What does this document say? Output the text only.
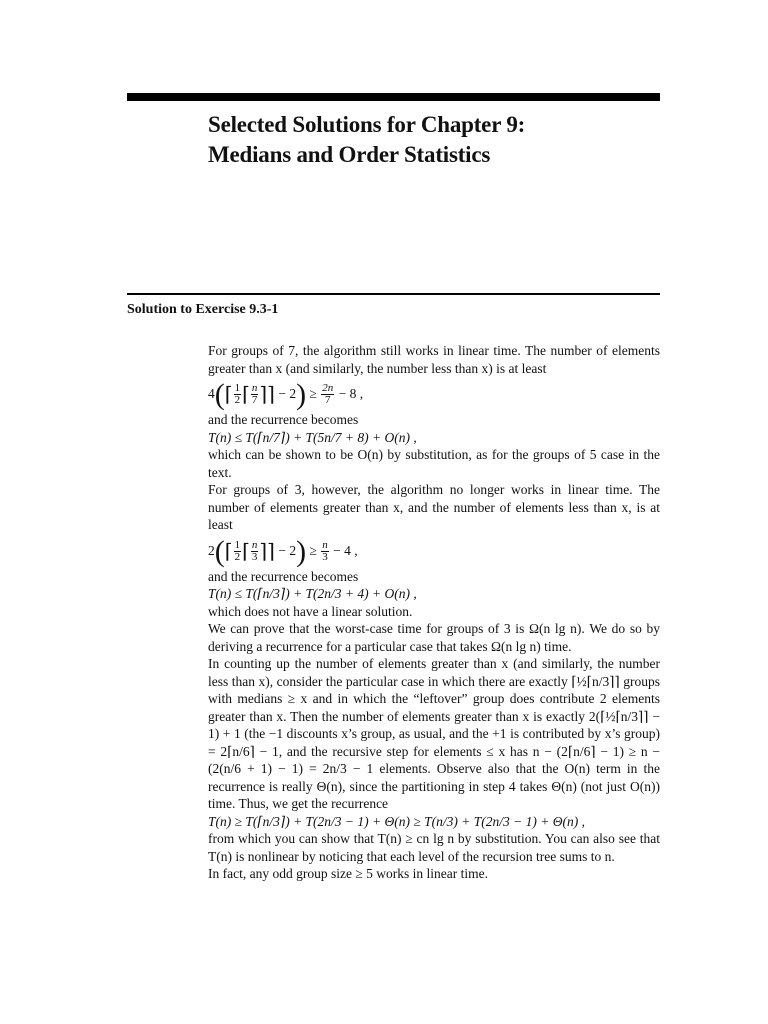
Selected Solutions for Chapter 9:
Medians and Order Statistics
Solution to Exercise 9.3-1

For groups of 7, the algorithm still works in linear time. The number of elements greater than x (and similarly, the number less than x) is at least

4(⌈ $\frac{1}{2}$ ⌈ $\frac{n}{7}$ ⌉⌉ − $2) \ge \frac{2n}{7} - 8$ ,

and the recurrence becomes

T(n) ≤ T(⌈n/7⌉) + T(5n/7 + 8) + O(n) ,

which can be shown to be O(n) by substitution, as for the groups of 5 case in the text.

For groups of 3, however, the algorithm no longer works in linear time. The number of elements greater than x, and the number of elements less than x, is at least

2(⌈ $\frac{1}{2}$ ⌈ $\frac{n}{3}$ ⌉⌉ − $2) \ge \frac{n}{3} - 4$ ,

and the recurrence becomes

T(n) ≤ T(⌈n/3⌉) + T(2n/3 + 4) + O(n) ,

which does not have a linear solution.

We can prove that the worst-case time for groups of 3 is Ω(n lg n). We do so by deriving a recurrence for a particular case that takes Ω(n lg n) time.

In counting up the number of elements greater than x (and similarly, the number less than x), consider the particular case in which there are exactly ⌈½⌈n/3⌉⌉ groups with medians ≥ x and in which the “leftover” group does contribute 2 elements greater than x. Then the number of elements greater than x is exactly 2(⌈½⌈n/3⌉⌉ − 1) + 1 (the −1 discounts x’s group, as usual, and the +1 is contributed by x’s group) = 2⌈n/6⌉ − 1, and the recursive step for elements ≤ x has n − (2⌈n/6⌉ − 1) ≥ n − (2(n/6 + 1) − 1) = 2n/3 − 1 elements. Observe also that the O(n) term in the recurrence is really Θ(n), since the partitioning in step 4 takes Θ(n) (not just O(n)) time. Thus, we get the recurrence

T(n) ≥ T(⌈n/3⌉) + T(2n/3 − 1) + Θ(n) ≥ T(n/3) + T(2n/3 − 1) + Θ(n) ,

from which you can show that T(n) ≥ cn lg n by substitution. You can also see that T(n) is nonlinear by noticing that each level of the recursion tree sums to n.

In fact, any odd group size ≥ 5 works in linear time.
